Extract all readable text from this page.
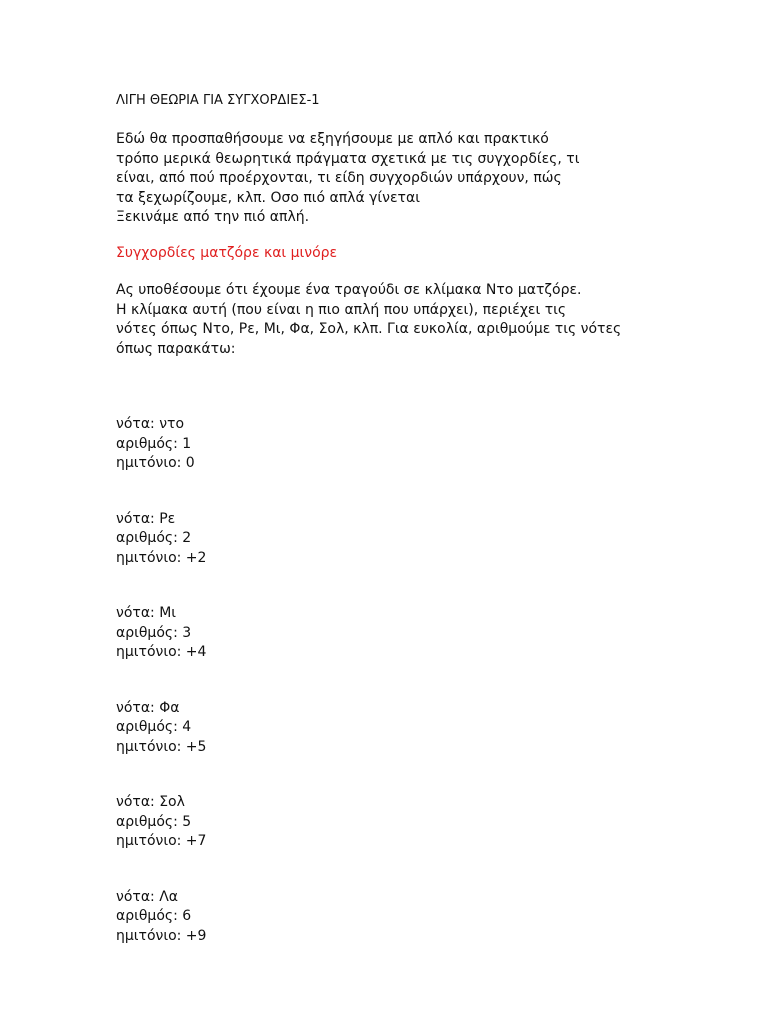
ΛΙΓΗ ΘΕΩΡΙΑ ΓΙΑ ΣΥΓΧΟΡΔΙΕΣ-1
Εδώ θα προσπαθήσουμε να εξηγήσουμε με απλό και πρακτικό
τρόπο μερικά θεωρητικά πράγματα σχετικά με τις συγχορδίες, τι
είναι, από πού προέρχονται, τι είδη συγχορδιών υπάρχουν, πώς
τα ξεχωρίζουμε, κλπ. Οσο πιό απλά γίνεται
Ξεκινάμε από την πιό απλή.
Συγχορδίες ματζόρε και μινόρε
Ας υποθέσουμε ότι έχουμε ένα τραγούδι σε κλίμακα Ντο ματζόρε.
Η κλίμακα αυτή (που είναι η πιο απλή που υπάρχει), περιέχει τις
νότες όπως Ντο, Ρε, Μι, Φα, Σολ, κλπ. Για ευκολία, αριθμούμε τις νότες
όπως παρακάτω:
νότα: ντο
αριθμός: 1
ημιτόνιο: 0
νότα: Ρε
αριθμός: 2
ημιτόνιο: +2
νότα: Μι
αριθμός: 3
ημιτόνιο: +4
νότα: Φα
αριθμός: 4
ημιτόνιο: +5
νότα: Σολ
αριθμός: 5
ημιτόνιο: +7
νότα: Λα
αριθμός: 6
ημιτόνιο: +9
